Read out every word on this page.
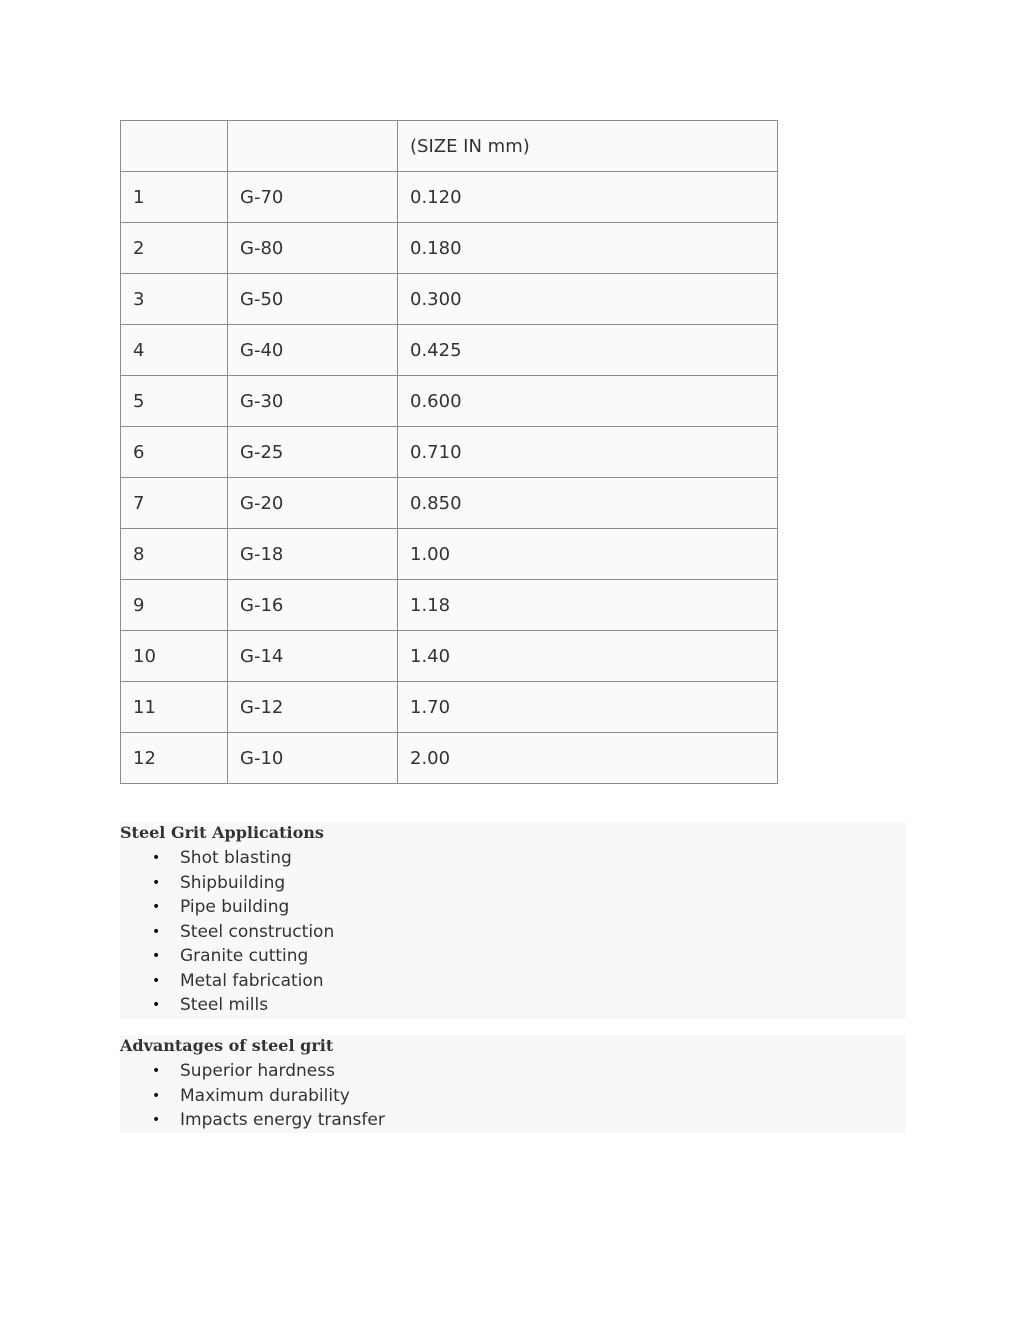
		(SIZE IN mm)
1	G-70	0.120
2	G-80	0.180
3	G-50	0.300
4	G-40	0.425
5	G-30	0.600
6	G-25	0.710
7	G-20	0.850
8	G-18	1.00
9	G-16	1.18
10	G-14	1.40
11	G-12	1.70
12	G-10	2.00
Steel Grit Applications
• Shot blasting
• Shipbuilding
• Pipe building
• Steel construction
• Granite cutting
• Metal fabrication
• Steel mills
Advantages of steel grit
• Superior hardness
• Maximum durability
• Impacts energy transfer
